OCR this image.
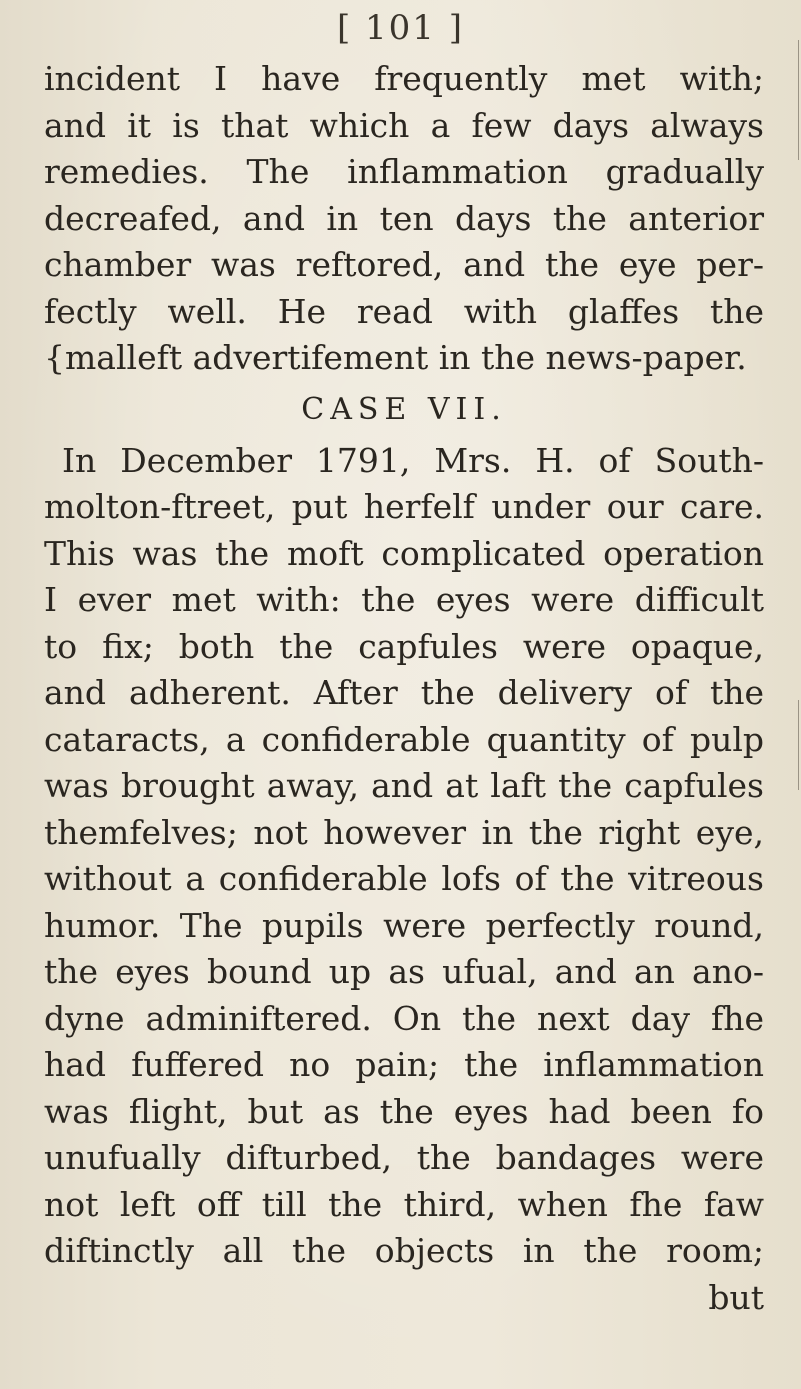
[ 101 ]
incident I have frequently met with;
and it is that which a few days always
remedies. The inflammation gradually
decreafed, and in ten days the anterior
chamber was reftored, and the eye per-
fectly well. He read with glaffes the
{malleft advertifement in the news-paper.
CASE VII.
In December 1791, Mrs. H. of South-
molton-ftreet, put herfelf under our care.
This was the moft complicated operation
I ever met with: the eyes were difficult
to fix; both the capfules were opaque,
and adherent. After the delivery of the
cataracts, a confiderable quantity of pulp
was brought away, and at laft the capfules
themfelves; not however in the right eye,
without a confiderable lofs of the vitreous
humor. The pupils were perfectly round,
the eyes bound up as ufual, and an ano-
dyne adminiftered. On the next day fhe
had fuffered no pain; the inflammation
was flight, but as the eyes had been fo
unufually difturbed, the bandages were
not left off till the third, when fhe faw
diftinctly all the objects in the room;
but
